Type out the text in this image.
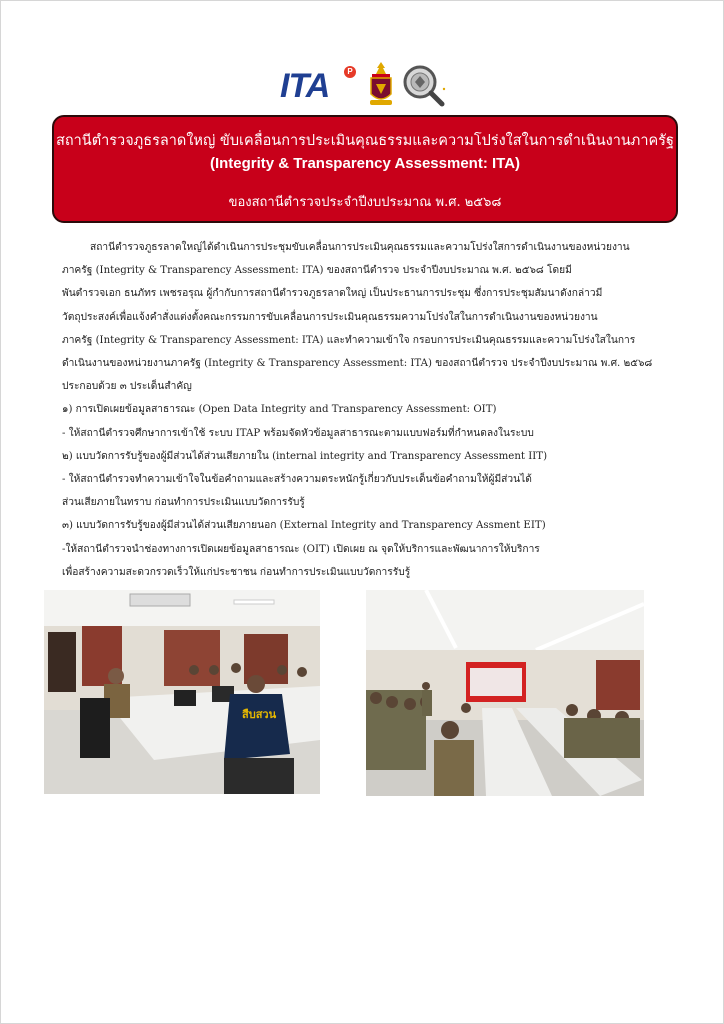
ITA	P
สถานีตำรวจภูธรลาดใหญ่ ขับเคลื่อนการประเมินคุณธรรมและความโปร่งใสในการดำเนินงานภาครัฐ
(Integrity & Transparency Assessment: ITA)
ของสถานีตำรวจประจำปีงบประมาณ พ.ศ. ๒๕๖๘

สถานีตำรวจภูธรลาดใหญ่ได้ดำเนินการประชุมขับเคลื่อนการประเมินคุณธรรมและความโปร่งใสการดำเนินงานของหน่วยงาน

ภาครัฐ (Integrity & Transparency Assessment: ITA) ของสถานีตำรวจ ประจำปีงบประมาณ พ.ศ. ๒๕๖๘ โดยมี

พันตำรวจเอก ธนภัทร เพชรอรุณ ผู้กำกับการสถานีตำรวจภูธรลาดใหญ่ เป็นประธานการประชุม ซึ่งการประชุมสัมนาดังกล่าวมี

วัตถุประสงค์เพื่อแจ้งคำสั่งแต่งตั้งคณะกรรมการขับเคลื่อนการประเมินคุณธรรมความโปร่งใสในการดำเนินงานของหน่วยงาน

ภาครัฐ (Integrity & Transparency Assessment: ITA) และทำความเข้าใจ กรอบการประเมินคุณธรรมและความโปร่งใสในการ

ดำเนินงานของหน่วยงานภาครัฐ (Integrity & Transparency Assessment: ITA) ของสถานีตำรวจ ประจำปีงบประมาณ พ.ศ. ๒๕๖๘

ประกอบด้วย ๓ ประเด็นสำคัญ

๑) การเปิดเผยข้อมูลสาธารณะ (Open Data Integrity and Transparency Assessment: OIT)

- ให้สถานีตำรวจศึกษาการเข้าใช้ ระบบ ITAP พร้อมจัดหัวข้อมูลสาธารณะตามแบบฟอร์มที่กำหนดลงในระบบ

๒) แบบวัดการรับรู้ของผู้มีส่วนได้ส่วนเสียภายใน (internal integrity and Transparency Assessment IIT)

- ให้สถานีตำรวจทำความเข้าใจในข้อคำถามและสร้างความตระหนักรู้เกี่ยวกับประเด็นข้อคำถามให้ผู้มีส่วนได้

ส่วนเสียภายในทราบ ก่อนทำการประเมินแบบวัดการรับรู้

๓) แบบวัดการรับรู้ของผู้มีส่วนได้ส่วนเสียภายนอก (External Integrity and Transparency Assment EIT)

-ให้สถานีตำรวจนำช่องทางการเปิดเผยข้อมูลสาธารณะ (OIT) เปิดเผย ณ จุดให้บริการและพัฒนาการให้บริการ

เพื่อสร้างความสะดวกรวดเร็วให้แก่ประชาชน ก่อนทำการประเมินแบบวัดการรับรู้

สืบสวน
